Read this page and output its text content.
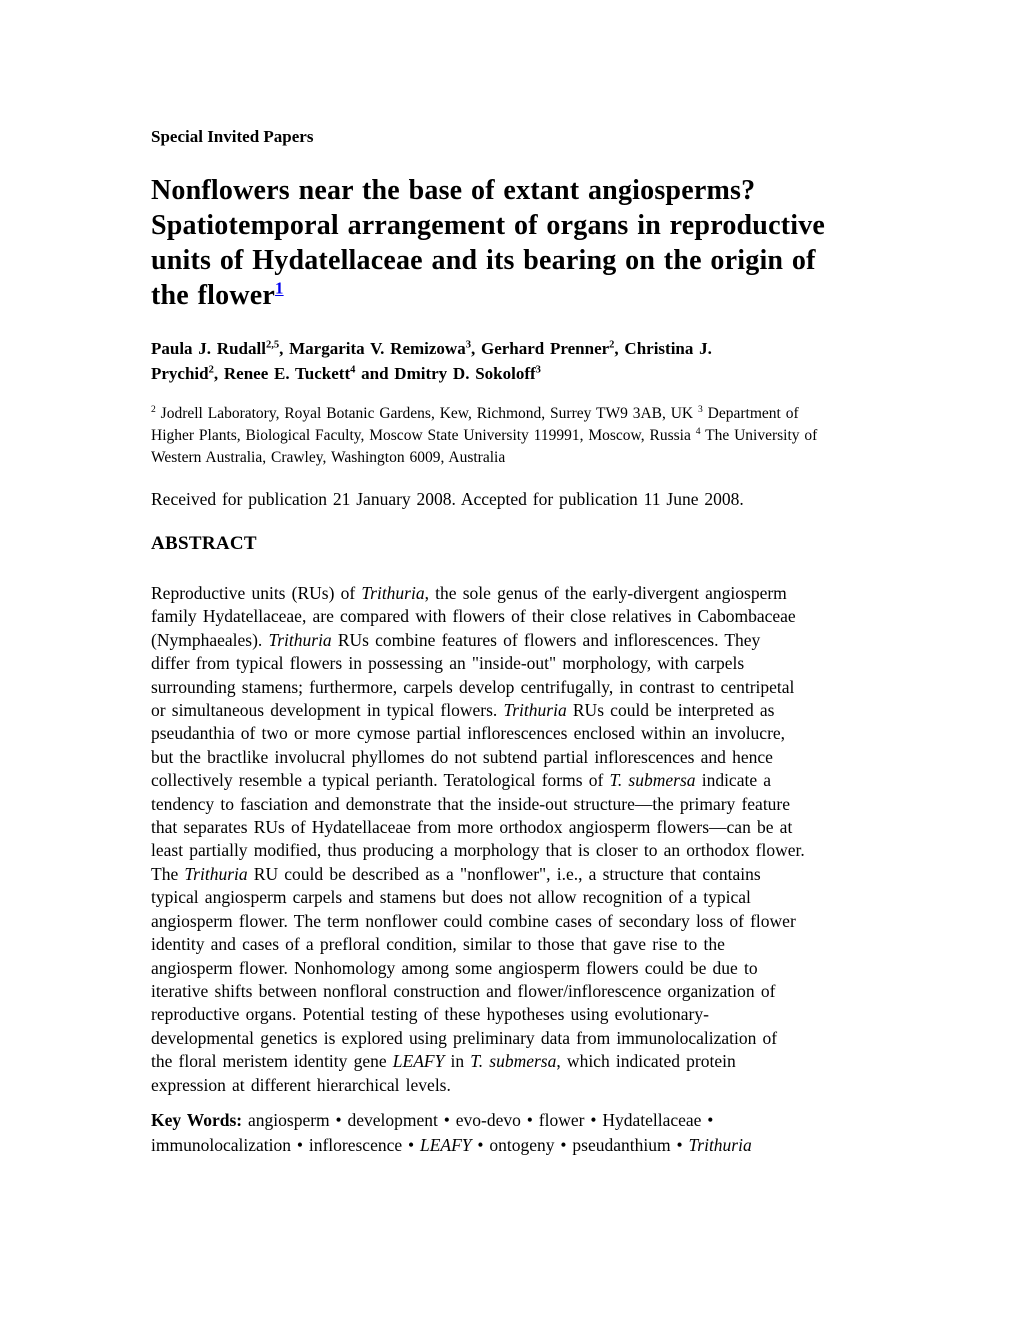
Special Invited Papers
Nonflowers near the base of extant angiosperms?
Spatiotemporal arrangement of organs in reproductive
units of Hydatellaceae and its bearing on the origin of
the flower$^1$
Paula J. Rudall$^{2,5}$, Margarita V. Remizowa$^3$, Gerhard Prenner$^2$, Christina J.
Prychid$^2$, Renee E. Tuckett$^4$ and Dmitry D. Sokoloff$^3$
$^2$ Jodrell Laboratory, Royal Botanic Gardens, Kew, Richmond, Surrey TW9 3AB, UK $^3$ Department of
Higher Plants, Biological Faculty, Moscow State University 119991, Moscow, Russia $^4$ The University of
Western Australia, Crawley, Washington 6009, Australia
Received for publication 21 January 2008. Accepted for publication 11 June 2008.
ABSTRACT
Reproductive units (RUs) of Trithuria, the sole genus of the early-divergent angiosperm
family Hydatellaceae, are compared with flowers of their close relatives in Cabombaceae
(Nymphaeales). Trithuria RUs combine features of flowers and inflorescences. They
differ from typical flowers in possessing an "inside-out" morphology, with carpels
surrounding stamens; furthermore, carpels develop centrifugally, in contrast to centripetal
or simultaneous development in typical flowers. Trithuria RUs could be interpreted as
pseudanthia of two or more cymose partial inflorescences enclosed within an involucre,
but the bractlike involucral phyllomes do not subtend partial inflorescences and hence
collectively resemble a typical perianth. Teratological forms of T. submersa indicate a
tendency to fasciation and demonstrate that the inside-out structure—the primary feature
that separates RUs of Hydatellaceae from more orthodox angiosperm flowers—can be at
least partially modified, thus producing a morphology that is closer to an orthodox flower.
The Trithuria RU could be described as a "nonflower", i.e., a structure that contains
typical angiosperm carpels and stamens but does not allow recognition of a typical
angiosperm flower. The term nonflower could combine cases of secondary loss of flower
identity and cases of a prefloral condition, similar to those that gave rise to the
angiosperm flower. Nonhomology among some angiosperm flowers could be due to
iterative shifts between nonfloral construction and flower/inflorescence organization of
reproductive organs. Potential testing of these hypotheses using evolutionary-
developmental genetics is explored using preliminary data from immunolocalization of
the floral meristem identity gene LEAFY in T. submersa, which indicated protein
expression at different hierarchical levels.
Key Words: angiosperm • development • evo-devo • flower • Hydatellaceae •
immunolocalization • inflorescence • LEAFY • ontogeny • pseudanthium • Trithuria
